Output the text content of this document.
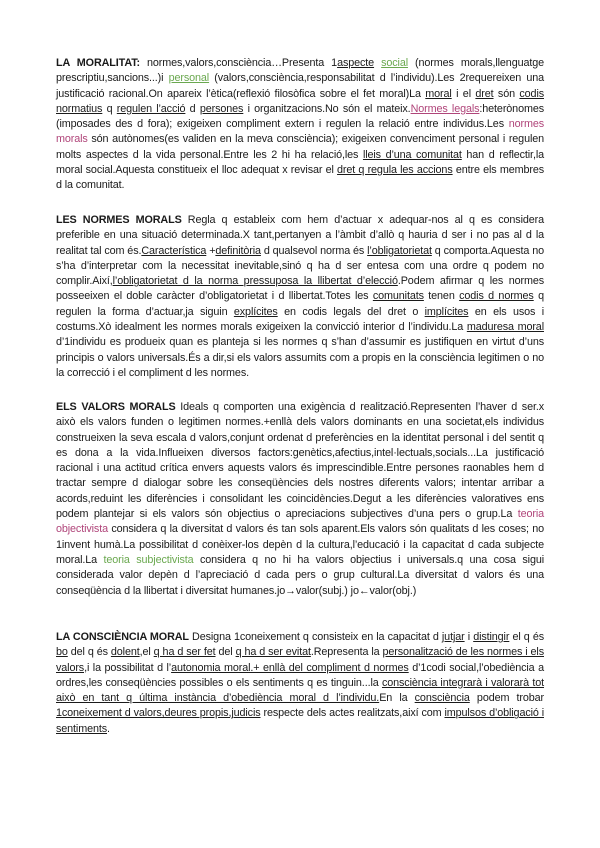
LA MORALITAT: normes,valors,consciència…Presenta 1aspecte social (normes morals,llenguatge prescriptiu,sancions...)i personal (valors,consciència,responsabilitat d l’individu).Les 2requereixen una justificació racional.On apareix l’ètica(reflexió filosòfica sobre el fet moral)La moral i el dret són codis normatius q regulen l’acció d persones i organitzacions.No són el mateix.Normes legals:heterònomes (imposades des d fora); exigeixen compliment extern i regulen la relació entre individus.Les normes morals són autònomes(es validen en la meva consciència); exigeixen convenciment personal i regulen molts aspectes d la vida personal.Entre les 2 hi ha relació,les lleis d’una comunitat han d reflectir,la moral social.Aquesta constitueix el lloc adequat x revisar el dret q regula les accions entre els membres d la comunitat.

LES NORMES MORALS Regla q estableix com hem d’actuar x adequar-nos al q es considera preferible en una situació determinada.X tant,pertanyen a l’àmbit d’allò q hauria d ser i no pas al d la realitat tal com és.Característica +definitòria d qualsevol norma és l’obligatorietat q comporta.Aquesta no s’ha d’interpretar com la necessitat inevitable,sinó q ha d ser entesa com una ordre q podem no complir.Així,l’obligatorietat d la norma pressuposa la llibertat d’elecció.Podem afirmar q les normes posseeixen el doble caràcter d’obligatorietat i d llibertat.Totes les comunitats tenen codis d normes q regulen la forma d’actuar,ja siguin explícites en codis legals del dret o implícites en els usos i costums.Xò idealment les normes morals exigeixen la convicció interior d l’individu.La maduresa moral d’1individu es produeix quan es planteja si les normes q s’han d’assumir es justifiquen en virtut d’uns principis o valors universals.És a dir,si els valors assumits com a propis en la consciència legitimen o no la correcció i el compliment d les normes.

ELS VALORS MORALS Ideals q comporten una exigència d realització.Representen l’haver d ser.x això els valors funden o legitimen normes.+enllà dels valors dominants en una societat,els individus construeixen la seva escala d valors,conjunt ordenat d preferències en la identitat personal i del sentit q es dona a la vida.Influeixen diversos factors:genètics,afectius,intel·lectuals,socials...La justificació racional i una actitud crítica envers aquests valors és imprescindible.Entre persones raonables hem d tractar sempre d dialogar sobre les conseqüències dels nostres diferents valors; intentar arribar a acords,reduint les diferències i consolidant les coincidències.Degut a les diferències valoratives ens podem plantejar si els valors són objectius o apreciacions subjectives d’una pers o grup.La teoria objectivista considera q la diversitat d valors és tan sols aparent.Els valors són qualitats d les coses; no 1invent humà.La possibilitat d conèixer-los depèn d la cultura,l’educació i la capacitat d cada subjecte moral.La teoria subjectivista considera q no hi ha valors objectius i universals.q una cosa sigui considerada valor depèn d l’apreciació d cada pers o grup cultural.La diversitat d valors és una conseqüència d la llibertat i diversitat humanes.jo→valor(subj.) jo←valor(obj.)

LA CONSCIÈNCIA MORAL Designa 1coneixement q consisteix en la capacitat d jutjar i distingir el q és bo del q és dolent,el q ha d ser fet del q ha d ser evitat.Representa la personalització de les normes i els valors,i la possibilitat d l’autonomia moral.+ enllà del compliment d normes d’1codi social,l’obediència a ordres,les conseqüències possibles o els sentiments q es tinguin...la consciència integrarà i valorarà tot això en tant q última instància d’obediència moral d l’individu.En la consciència podem trobar 1coneixement d valors,deures propis,judicis respecte dels actes realitzats,així com impulsos d’obligació i sentiments.
